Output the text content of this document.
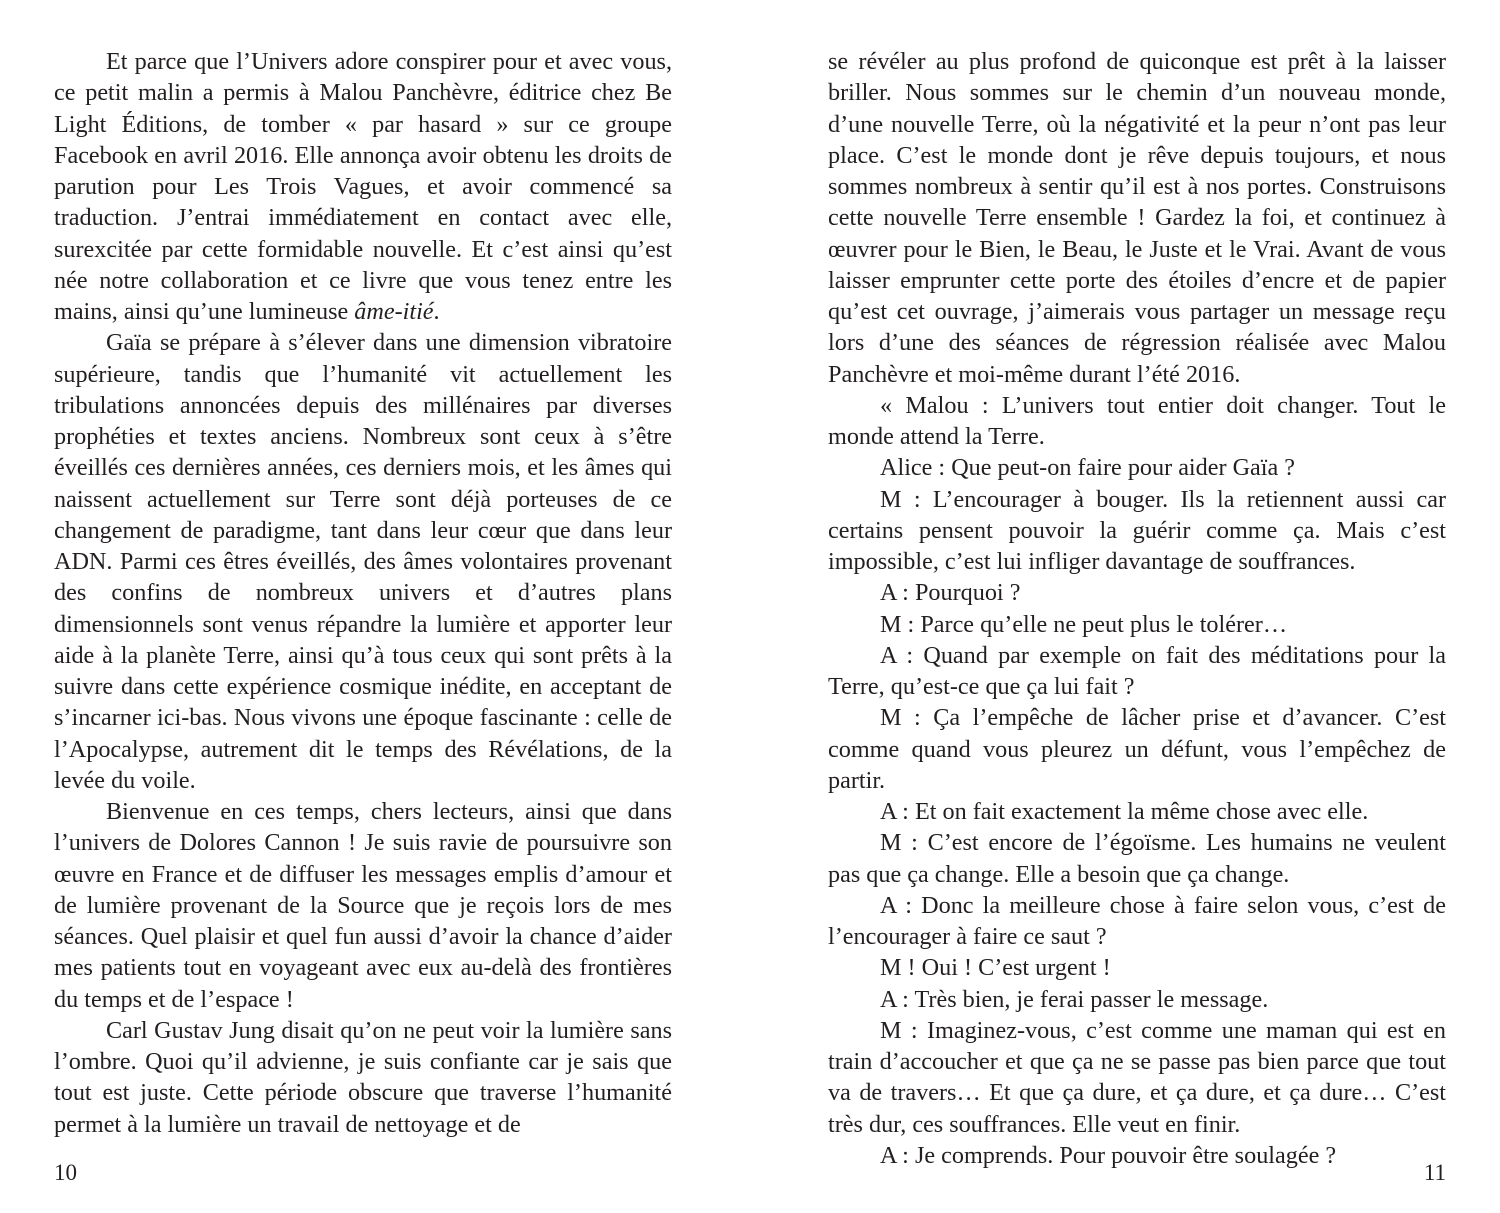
Et parce que l’Univers adore conspirer pour et avec vous, ce petit malin a permis à Malou Panchèvre, éditrice chez Be Light Éditions, de tomber « par hasard » sur ce groupe Facebook en avril 2016. Elle annonça avoir obtenu les droits de parution pour Les Trois Vagues, et avoir commencé sa traduction. J’entrai immédiatement en contact avec elle, surexcitée par cette formidable nouvelle. Et c’est ainsi qu’est née notre collaboration et ce livre que vous tenez entre les mains, ainsi qu’une lumineuse âme-itié.

Gaïa se prépare à s’élever dans une dimension vibratoire supérieure, tandis que l’humanité vit actuellement les tribulations annoncées depuis des millénaires par diverses prophéties et textes anciens. Nombreux sont ceux à s’être éveillés ces dernières années, ces derniers mois, et les âmes qui naissent actuellement sur Terre sont déjà porteuses de ce changement de paradigme, tant dans leur cœur que dans leur ADN. Parmi ces êtres éveillés, des âmes volontaires provenant des confins de nombreux univers et d’autres plans dimensionnels sont venus répandre la lumière et apporter leur aide à la planète Terre, ainsi qu’à tous ceux qui sont prêts à la suivre dans cette expérience cosmique inédite, en acceptant de s’incarner ici-bas. Nous vivons une époque fascinante : celle de l’Apocalypse, autrement dit le temps des Révélations, de la levée du voile.

Bienvenue en ces temps, chers lecteurs, ainsi que dans l’univers de Dolores Cannon ! Je suis ravie de poursuivre son œuvre en France et de diffuser les messages emplis d’amour et de lumière provenant de la Source que je reçois lors de mes séances. Quel plaisir et quel fun aussi d’avoir la chance d’aider mes patients tout en voyageant avec eux au-delà des frontières du temps et de l’espace !

Carl Gustav Jung disait qu’on ne peut voir la lumière sans l’ombre. Quoi qu’il advienne, je suis confiante car je sais que tout est juste. Cette période obscure que traverse l’humanité permet à la lumière un travail de nettoyage et de

10

se révéler au plus profond de quiconque est prêt à la laisser briller. Nous sommes sur le chemin d’un nouveau monde, d’une nouvelle Terre, où la négativité et la peur n’ont pas leur place. C’est le monde dont je rêve depuis toujours, et nous sommes nombreux à sentir qu’il est à nos portes. Construisons cette nouvelle Terre ensemble ! Gardez la foi, et continuez à œuvrer pour le Bien, le Beau, le Juste et le Vrai. Avant de vous laisser emprunter cette porte des étoiles d’encre et de papier qu’est cet ouvrage, j’aimerais vous partager un message reçu lors d’une des séances de régression réalisée avec Malou Panchèvre et moi-même durant l’été 2016.

« Malou : L’univers tout entier doit changer. Tout le monde attend la Terre.

Alice : Que peut-on faire pour aider Gaïa ?

M : L’encourager à bouger. Ils la retiennent aussi car certains pensent pouvoir la guérir comme ça. Mais c’est impossible, c’est lui infliger davantage de souffrances.

A : Pourquoi ?

M : Parce qu’elle ne peut plus le tolérer…

A : Quand par exemple on fait des méditations pour la Terre, qu’est-ce que ça lui fait ?

M : Ça l’empêche de lâcher prise et d’avancer. C’est comme quand vous pleurez un défunt, vous l’empêchez de partir.

A : Et on fait exactement la même chose avec elle.

M : C’est encore de l’égoïsme. Les humains ne veulent pas que ça change. Elle a besoin que ça change.

A : Donc la meilleure chose à faire selon vous, c’est de l’encourager à faire ce saut ?

M ! Oui ! C’est urgent !

A : Très bien, je ferai passer le message.

M : Imaginez-vous, c’est comme une maman qui est en train d’accoucher et que ça ne se passe pas bien parce que tout va de travers… Et que ça dure, et ça dure, et ça dure… C’est très dur, ces souffrances. Elle veut en finir.

A : Je comprends. Pour pouvoir être soulagée ?

11
